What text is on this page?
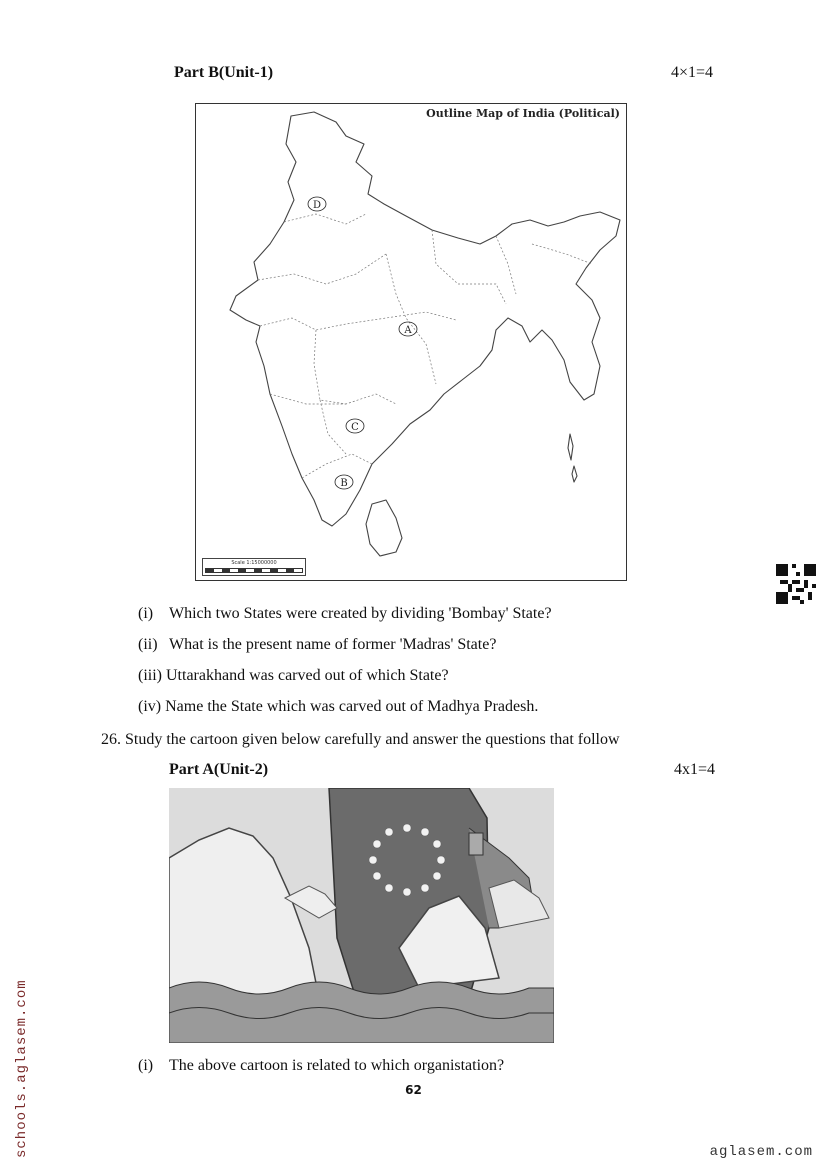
Part B(Unit-1)	4×1=4
Outline Map of India (Political)
D
A
C
B
Scale 1:15000000
(i) Which two States were created by dividing 'Bombay' State?
(ii) What is the present name of former 'Madras' State?
(iii) Uttarakhand was carved out of which State?
(iv) Name the State which was carved out of Madhya Pradesh.
26. Study the cartoon given below carefully and answer the questions that follow
Part A(Unit-2)	4x1=4
(i) The above cartoon is related to which organistation?
62
schools.aglasem.com	aglasem.com
